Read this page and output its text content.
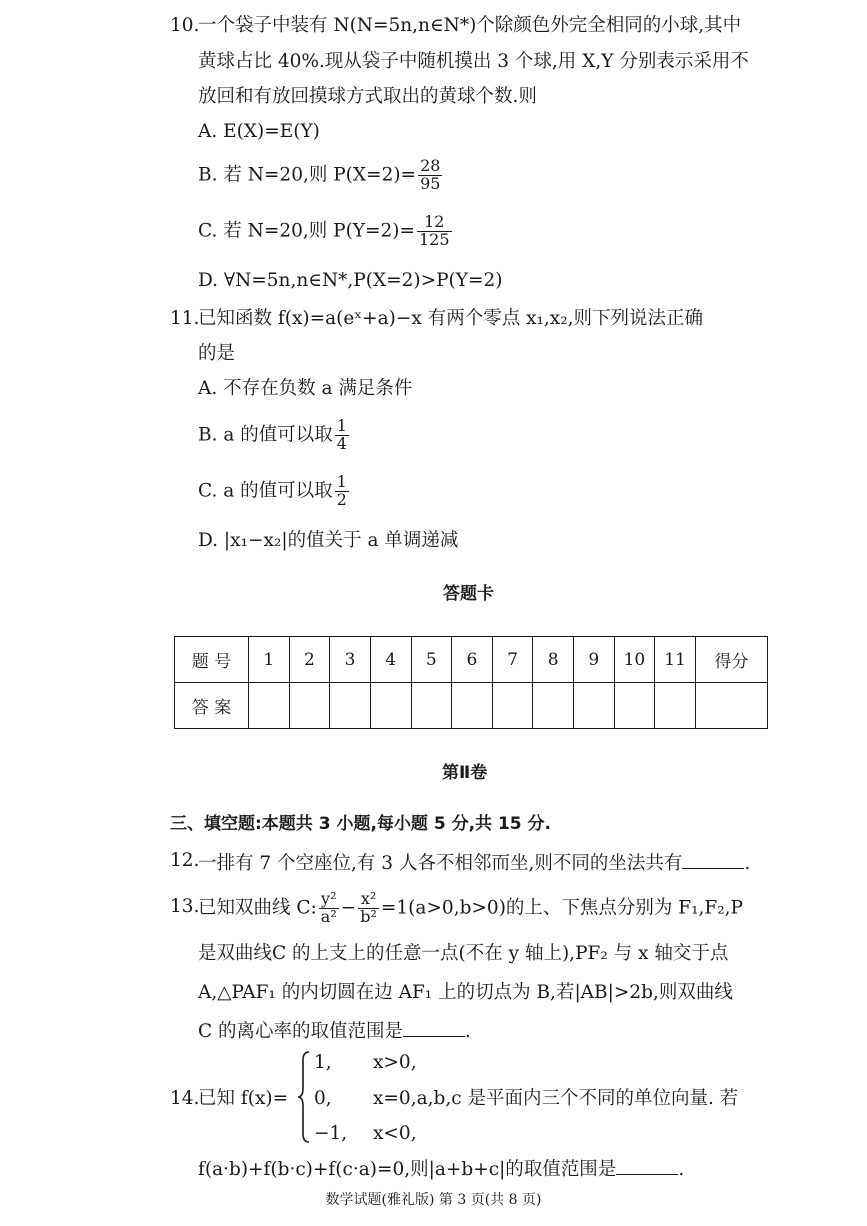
10.
一个袋子中装有 N(N=5n,n∈N*)个除颜色外完全相同的小球,其中
黄球占比 40%.现从袋子中随机摸出 3 个球,用 X,Y 分别表示采用不
放回和有放回摸球方式取出的黄球个数.则
A. E(X)=E(Y)
B. 若 N=20,则 $P(X=2)= \frac{28}{95}$
C. 若 N=20,则 $P(Y=2)= \frac{12}{125}$
D. ∀N=5n,n∈N*,P(X=2)>P(Y=2)
11.
已知函数 f(x)=a(eˣ+a)−x 有两个零点 x₁,x₂,则下列说法正确
的是
A. 不存在负数 a 满足条件
B. a 的值可以取 $\frac{1}{4}$
C. a 的值可以取 $\frac{1}{2}$
D. |x₁−x₂|的值关于 a 单调递减
答题卡
题 号	1	2	3	4	5	6	7	8	9	10	11	得分
答 案												
第Ⅱ卷
三、填空题:本题共 3 小题,每小题 5 分,共 15 分.
12.
一排有 7 个空座位,有 3 人各不相邻而坐,则不同的坐法共有	.
13.
已知双曲线 C: $\frac{\text{y²}}{\text{a²}} - \frac{\text{x²}}{\text{b²}} =1(a>0,b>0)$的上、下焦点分别为 F₁,F₂,P
是双曲线C 的上支上的任意一点(不在 y 轴上),PF₂ 与 x 轴交于点
A,△PAF₁ 的内切圆在边 AF₁ 上的切点为 B,若|AB|>2b,则双曲线
C 的离心率的取值范围是	.
14.
已知 f(x)=
1, x>0,
0, x=0,a,b,c 是平面内三个不同的单位向量. 若
−1, x<0,
f(a·b)+f(b·c)+f(c·a)=0,则|a+b+c|的取值范围是	.
数学试题(雅礼版) 第 3 页(共 8 页)
